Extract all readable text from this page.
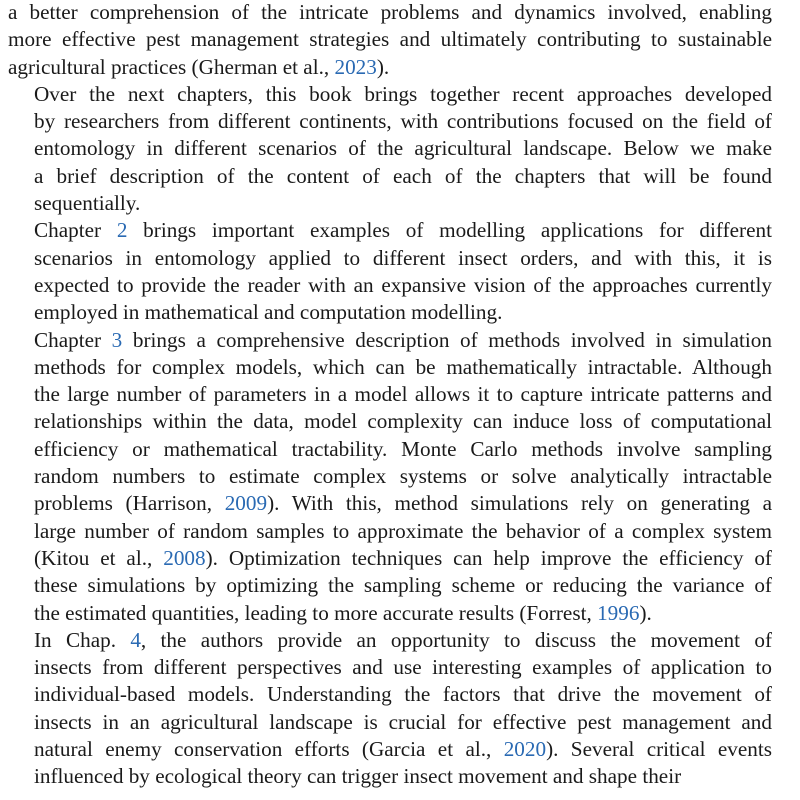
a better comprehension of the intricate problems and dynamics involved, enabling
more effective pest management strategies and ultimately contributing to sustainable
agricultural practices (Gherman et al., 2023).
Over the next chapters, this book brings together recent approaches developed
by researchers from different continents, with contributions focused on the field of
entomology in different scenarios of the agricultural landscape. Below we make
a brief description of the content of each of the chapters that will be found
sequentially.
Chapter 2 brings important examples of modelling applications for different
scenarios in entomology applied to different insect orders, and with this, it is
expected to provide the reader with an expansive vision of the approaches currently
employed in mathematical and computation modelling.
Chapter 3 brings a comprehensive description of methods involved in simulation
methods for complex models, which can be mathematically intractable. Although
the large number of parameters in a model allows it to capture intricate patterns and
relationships within the data, model complexity can induce loss of computational
efficiency or mathematical tractability. Monte Carlo methods involve sampling
random numbers to estimate complex systems or solve analytically intractable
problems (Harrison, 2009). With this, method simulations rely on generating a
large number of random samples to approximate the behavior of a complex system
(Kitou et al., 2008). Optimization techniques can help improve the efficiency of
these simulations by optimizing the sampling scheme or reducing the variance of
the estimated quantities, leading to more accurate results (Forrest, 1996).
In Chap. 4, the authors provide an opportunity to discuss the movement of
insects from different perspectives and use interesting examples of application to
individual-based models. Understanding the factors that drive the movement of
insects in an agricultural landscape is crucial for effective pest management and
natural enemy conservation efforts (Garcia et al., 2020). Several critical events
influenced by ecological theory can trigger insect movement and shape their
